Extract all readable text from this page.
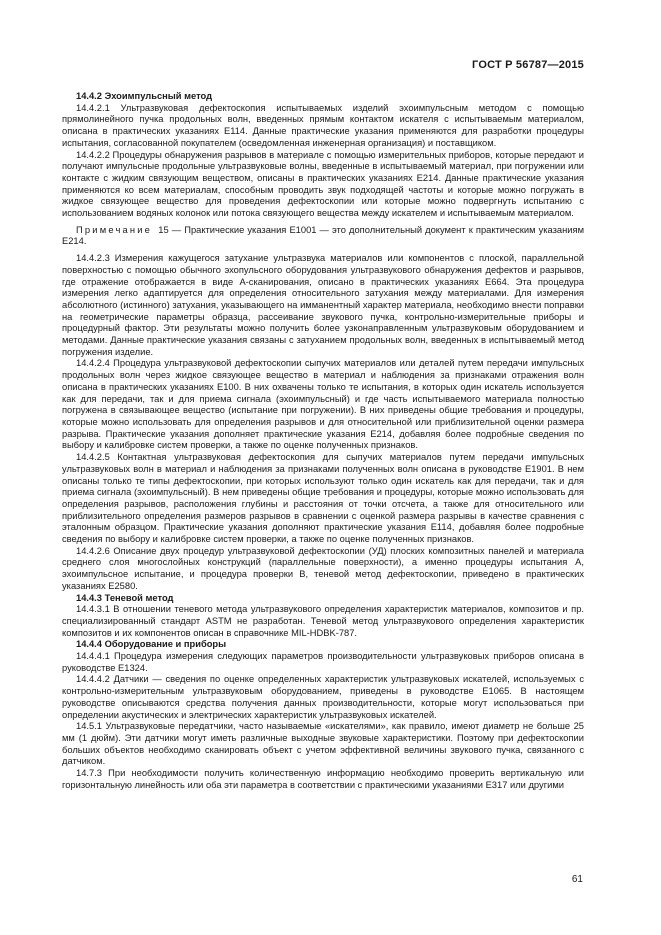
ГОСТ Р 56787—2015
14.4.2 Эхоимпульсный метод

14.4.2.1 Ультразвуковая дефектоскопия испытываемых изделий эхоимпульсным методом с помощью прямолинейного пучка продольных волн, введенных прямым контактом искателя с испытываемым материалом, описана в практических указаниях Е114. Данные практические указания применяются для разработки процедуры испытания, согласованной покупателем (осведомленная инженерная организация) и поставщиком.

14.4.2.2 Процедуры обнаружения разрывов в материале с помощью измерительных приборов, которые передают и получают импульсные продольные ультразвуковые волны, введенные в испытываемый материал, при погружении или контакте с жидким связующим веществом, описаны в практических указаниях Е214. Данные практические указания применяются ко всем материалам, способным проводить звук подходящей частоты и которые можно погружать в жидкое связующее вещество для проведения дефектоскопии или которые можно подвергнуть испытанию с использованием водяных колонок или потока связующего вещества между искателем и испытываемым материалом.

Примечание 15 — Практические указания Е1001 — это дополнительный документ к практическим указаниям Е214.

14.4.2.3 Измерения кажущегося затухание ультразвука материалов или компонентов с плоской, параллельной поверхностью с помощью обычного эхопульсного оборудования ультразвукового обнаружения дефектов и разрывов, где отражение отображается в виде А-сканирования, описано в практических указаниях Е664. Эта процедура измерения легко адаптируется для определения относительного затухания между материалами. Для измерения абсолютного (истинного) затухания, указывающего на имманентный характер материала, необходимо внести поправки на геометрические параметры образца, рассеивание звукового пучка, контрольно-измерительные приборы и процедурный фактор. Эти результаты можно получить более узконаправленным ультразвуковым оборудованием и методами. Данные практические указания связаны с затуханием продольных волн, введенных в испытываемый метод погружения изделие.

14.4.2.4 Процедура ультразвуковой дефектоскопии сыпучих материалов или деталей путем передачи импульсных продольных волн через жидкое связующее вещество в материал и наблюдения за признаками отражения волн описана в практических указаниях Е100. В них охвачены только те испытания, в которых один искатель используется как для передачи, так и для приема сигнала (эхоимпульсный) и где часть испытываемого материала полностью погружена в связывающее вещество (испытание при погружении). В них приведены общие требования и процедуры, которые можно использовать для определения разрывов и для относительной или приблизительной оценки размера разрыва. Практические указания дополняет практические указания Е214, добавляя более подробные сведения по выбору и калибровке систем проверки, а также по оценке полученных признаков.

14.4.2.5 Контактная ультразвуковая дефектоскопия для сыпучих материалов путем передачи импульсных ультразвуковых волн в материал и наблюдения за признаками полученных волн описана в руководстве Е1901. В нем описаны только те типы дефектоскопии, при которых используют только один искатель как для передачи, так и для приема сигнала (эхоимпульсный). В нем приведены общие требования и процедуры, которые можно использовать для определения разрывов, расположения глубины и расстояния от точки отсчета, а также для относительного или приблизительного определения размеров разрывов в сравнении с оценкой размера разрывы в качестве сравнения с эталонным образцом. Практические указания дополняют практические указания Е114, добавляя более подробные сведения по выбору и калибровке систем проверки, а также по оценке полученных признаков.

14.4.2.6 Описание двух процедур ультразвуковой дефектоскопии (УД) плоских композитных панелей и материала среднего слоя многослойных конструкций (параллельные поверхности), а именно процедуры испытания А, эхоимпульсное испытание, и процедура проверки В, теневой метод дефектоскопии, приведено в практических указаниях Е2580.

14.4.3 Теневой метод

14.4.3.1 В отношении теневого метода ультразвукового определения характеристик материалов, композитов и пр. специализированный стандарт ASTM не разработан. Теневой метод ультразвукового определения характеристик композитов и их компонентов описан в справочнике MIL-HDBK-787.

14.4.4 Оборудование и приборы

14.4.4.1 Процедура измерения следующих параметров производительности ультразвуковых приборов описана в руководстве Е1324.

14.4.4.2 Датчики — сведения по оценке определенных характеристик ультразвуковых искателей, используемых с контрольно-измерительным ультразвуковым оборудованием, приведены в руководстве Е1065. В настоящем руководстве описываются средства получения данных производительности, которые могут использоваться при определении акустических и электрических характеристик ультразвуковых искателей.

14.5.1 Ультразвуковые передатчики, часто называемые «искателями», как правило, имеют диаметр не больше 25 мм (1 дюйм). Эти датчики могут иметь различные выходные звуковые характеристики. Поэтому при дефектоскопии больших объектов необходимо сканировать объект с учетом эффективной величины звукового пучка, связанного с датчиком.

14.7.3 При необходимости получить количественную информацию необходимо проверить вертикальную или горизонтальную линейность или оба эти параметра в соответствии с практическими указаниями Е317 или другими

61
